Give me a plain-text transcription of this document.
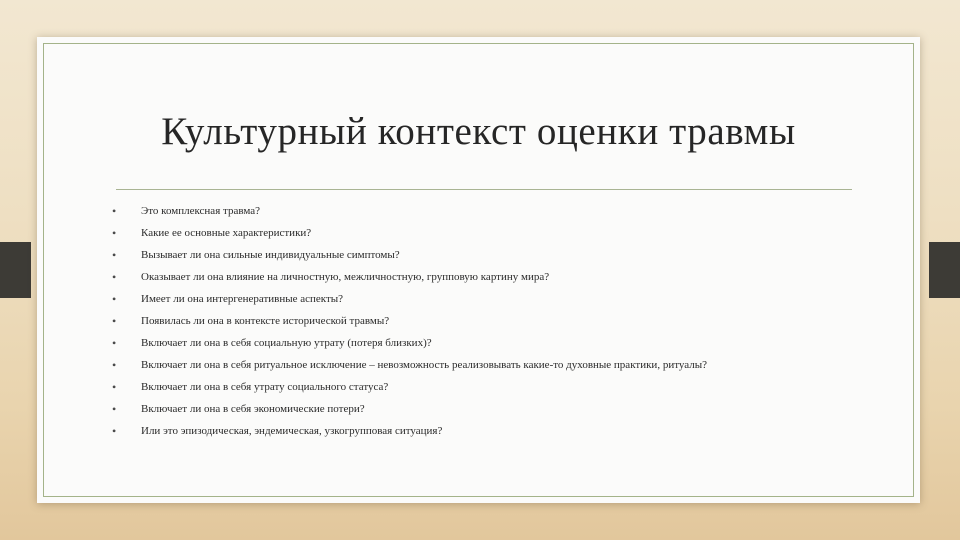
Культурный контекст оценки травмы
• Это комплексная травма?
• Какие ее основные характеристики?
• Вызывает ли она сильные индивидуальные симптомы?
• Оказывает ли она влияние на личностную, межличностную, групповую картину мира?
• Имеет ли она интергенеративные аспекты?
• Появилась ли она в контексте исторической травмы?
• Включает ли она в себя социальную утрату (потеря близких)?
• Включает ли она в себя ритуальное исключение – невозможность реализовывать какие-то духовные практики, ритуалы?
• Включает ли она в себя утрату социального статуса?
• Включает ли она в себя экономические потери?
• Или это эпизодическая, эндемическая, узкогрупповая ситуация?
